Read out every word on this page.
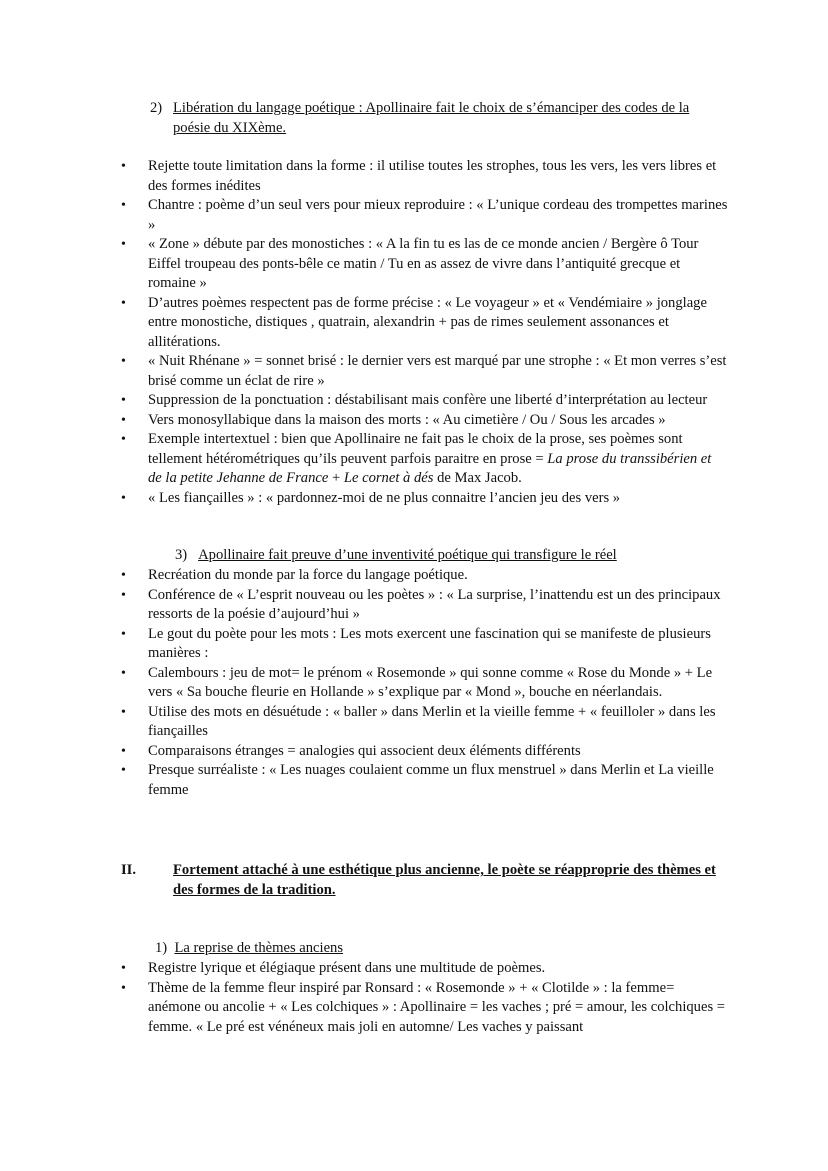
2) Libération du langage poétique : Apollinaire fait le choix de s’émanciper des codes de la poésie du XIXème.
• Rejette toute limitation dans la forme : il utilise toutes les strophes, tous les vers, les vers libres et des formes inédites
• Chantre : poème d’un seul vers pour mieux reproduire : « L’unique cordeau des trompettes marines »
• « Zone » débute par des monostiches : « A la fin tu es las de ce monde ancien / Bergère ô Tour Eiffel troupeau des ponts-bêle ce matin / Tu en as assez de vivre dans l’antiquité grecque et romaine »
• D’autres poèmes respectent pas de forme précise : « Le voyageur » et « Vendémiaire » jonglage entre monostiche, distiques , quatrain, alexandrin + pas de rimes seulement assonances et allitérations.
• « Nuit Rhénane » = sonnet brisé : le dernier vers est marqué par une strophe : « Et mon verres s’est brisé comme un éclat de rire »
• Suppression de la ponctuation : déstabilisant mais confère une liberté d’interprétation au lecteur
• Vers monosyllabique dans la maison des morts : « Au cimetière / Ou / Sous les arcades »
• Exemple intertextuel : bien que Apollinaire ne fait pas le choix de la prose, ses poèmes sont tellement hétérométriques qu’ils peuvent parfois paraitre en prose = La prose du transsibérien et de la petite Jehanne de France + Le cornet à dés de Max Jacob.
• « Les fiançailles » : « pardonnez-moi de ne plus connaitre l’ancien jeu des vers »
3) Apollinaire fait preuve d’une inventivité poétique qui transfigure le réel
• Recréation du monde par la force du langage poétique.
• Conférence de « L’esprit nouveau ou les poètes » : « La surprise, l’inattendu est un des principaux ressorts de la poésie d’aujourd’hui »
• Le gout du poète pour les mots : Les mots exercent une fascination qui se manifeste de plusieurs manières :
• Calembours : jeu de mot= le prénom « Rosemonde » qui sonne comme « Rose du Monde » + Le vers « Sa bouche fleurie en Hollande » s’explique par « Mond », bouche en néerlandais.
• Utilise des mots en désuétude : « baller » dans Merlin et la vieille femme + « feuilloler » dans les fiançailles
• Comparaisons étranges = analogies qui associent deux éléments différents
• Presque surréaliste : « Les nuages coulaient comme un flux menstruel » dans Merlin et La vieille femme
II.	Fortement attaché à une esthétique plus ancienne, le poète se réapproprie des thèmes et des formes de la tradition.
1) La reprise de thèmes anciens
• Registre lyrique et élégiaque présent dans une multitude de poèmes.
• Thème de la femme fleur inspiré par Ronsard : « Rosemonde » + « Clotilde » : la femme= anémone ou ancolie + « Les colchiques » : Apollinaire = les vaches ; pré = amour, les colchiques = femme. « Le pré est vénéneux mais joli en automne/ Les vaches y paissant
